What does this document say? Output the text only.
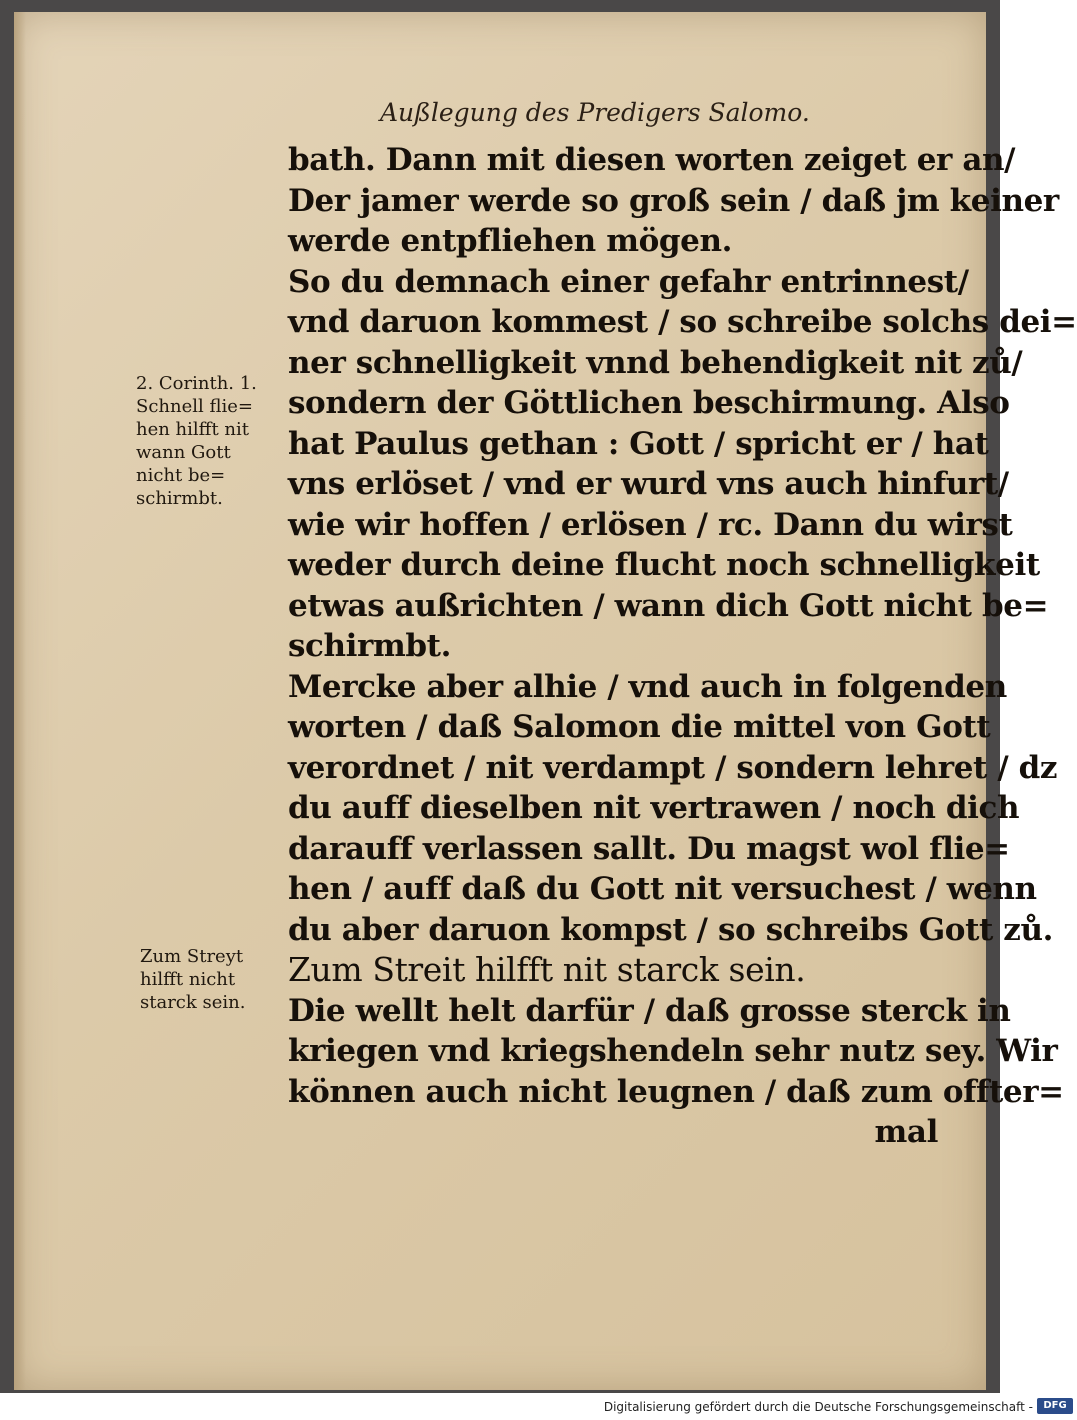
Außlegung des Predigers Salomo.
bath. Dann mit diesen worten zeiget er an/
Der jamer werde so groß sein / daß jm keiner
werde entpfliehen mögen.
So du demnach einer gefahr entrinnest/
vnd daruon kommest / so schreibe solchs dei=
ner schnelligkeit vnnd behendigkeit nit zů/
sondern der Göttlichen beschirmung. Also
hat Paulus gethan : Gott / spricht er / hat
vns erlöset / vnd er wurd vns auch hinfurt/
wie wir hoffen / erlösen / rc. Dann du wirst
weder durch deine flucht noch schnelligkeit
etwas außrichten / wann dich Gott nicht be=
schirmbt.
Mercke aber alhie / vnd auch in folgenden
worten / daß Salomon die mittel von Gott
verordnet / nit verdampt / sondern lehret / dz
du auff dieselben nit vertrawen / noch dich
darauff verlassen sallt. Du magst wol flie=
hen / auff daß du Gott nit versuchest / wenn
du aber daruon kompst / so schreibs Gott zů.
Zum Streit hilfft nit starck sein.
Die wellt helt darfür / daß grosse sterck in
kriegen vnd kriegshendeln sehr nutz sey. Wir
können auch nicht leugnen / daß zum offter=
mal
2. Corinth. 1.
Schnell flie=
hen hilfft nit
wann Gott
nicht be=
schirmbt.
Zum Streyt
hilfft nicht
starck sein.
Digitalisierung gefördert durch die Deutsche Forschungsgemeinschaft -	DFG
